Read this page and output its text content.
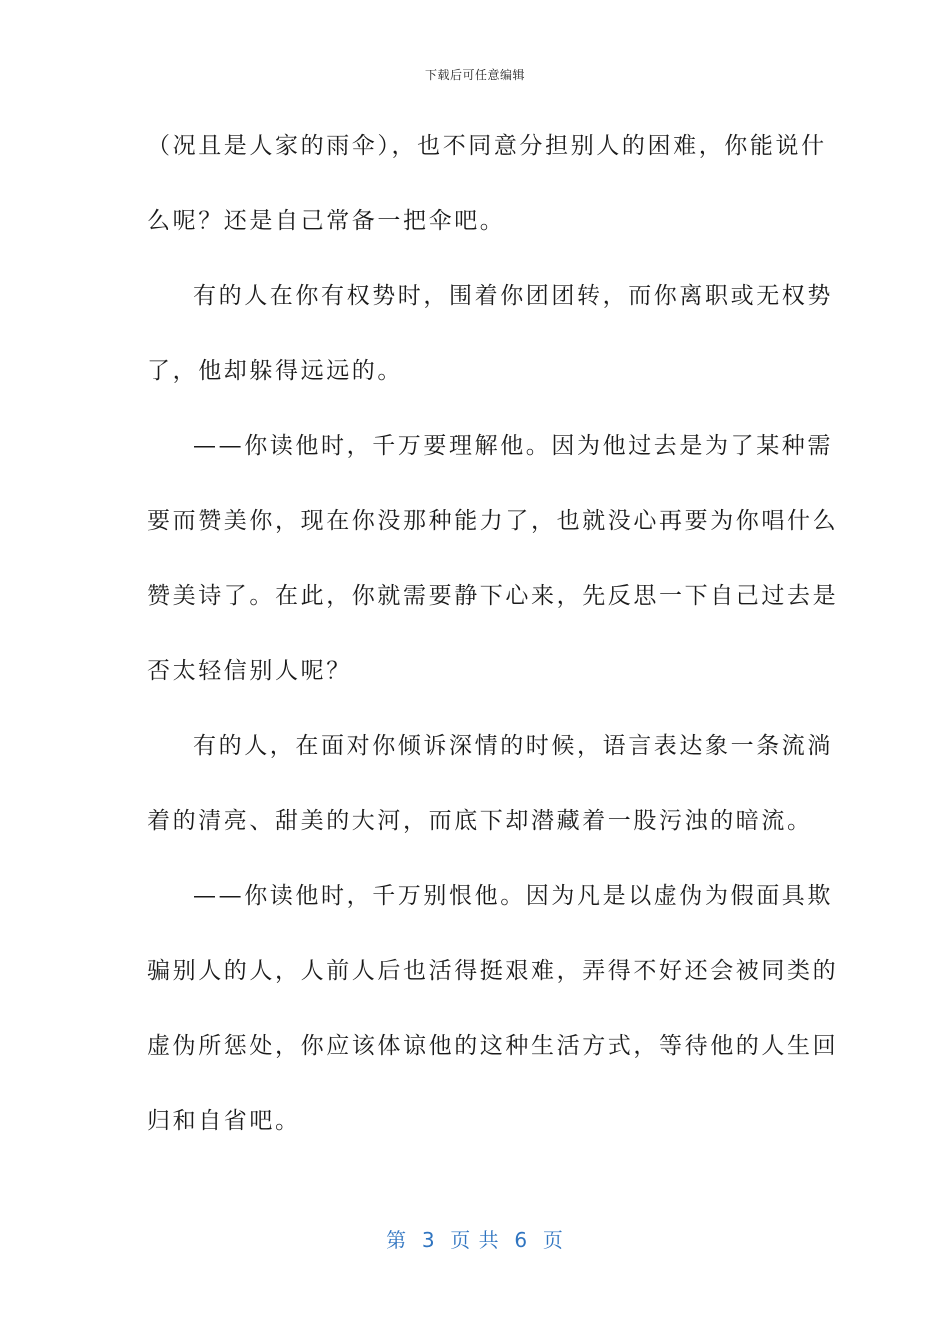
下载后可任意编辑
（况且是人家的雨伞），也不同意分担别人的困难，你能说什
么呢？还是自己常备一把伞吧。
有的人在你有权势时，围着你团团转，而你离职或无权势
了，他却躲得远远的。
——你读他时，千万要理解他。因为他过去是为了某种需
要而赞美你，现在你没那种能力了，也就没心再要为你唱什么
赞美诗了。在此，你就需要静下心来，先反思一下自己过去是
否太轻信别人呢？
有的人，在面对你倾诉深情的时候，语言表达象一条流淌
着的清亮、甜美的大河，而底下却潜藏着一股污浊的暗流。
——你读他时，千万别恨他。因为凡是以虚伪为假面具欺
骗别人的人，人前人后也活得挺艰难，弄得不好还会被同类的
虚伪所惩处，你应该体谅他的这种生活方式，等待他的人生回
归和自省吧。
第  3  页 共  6  页
